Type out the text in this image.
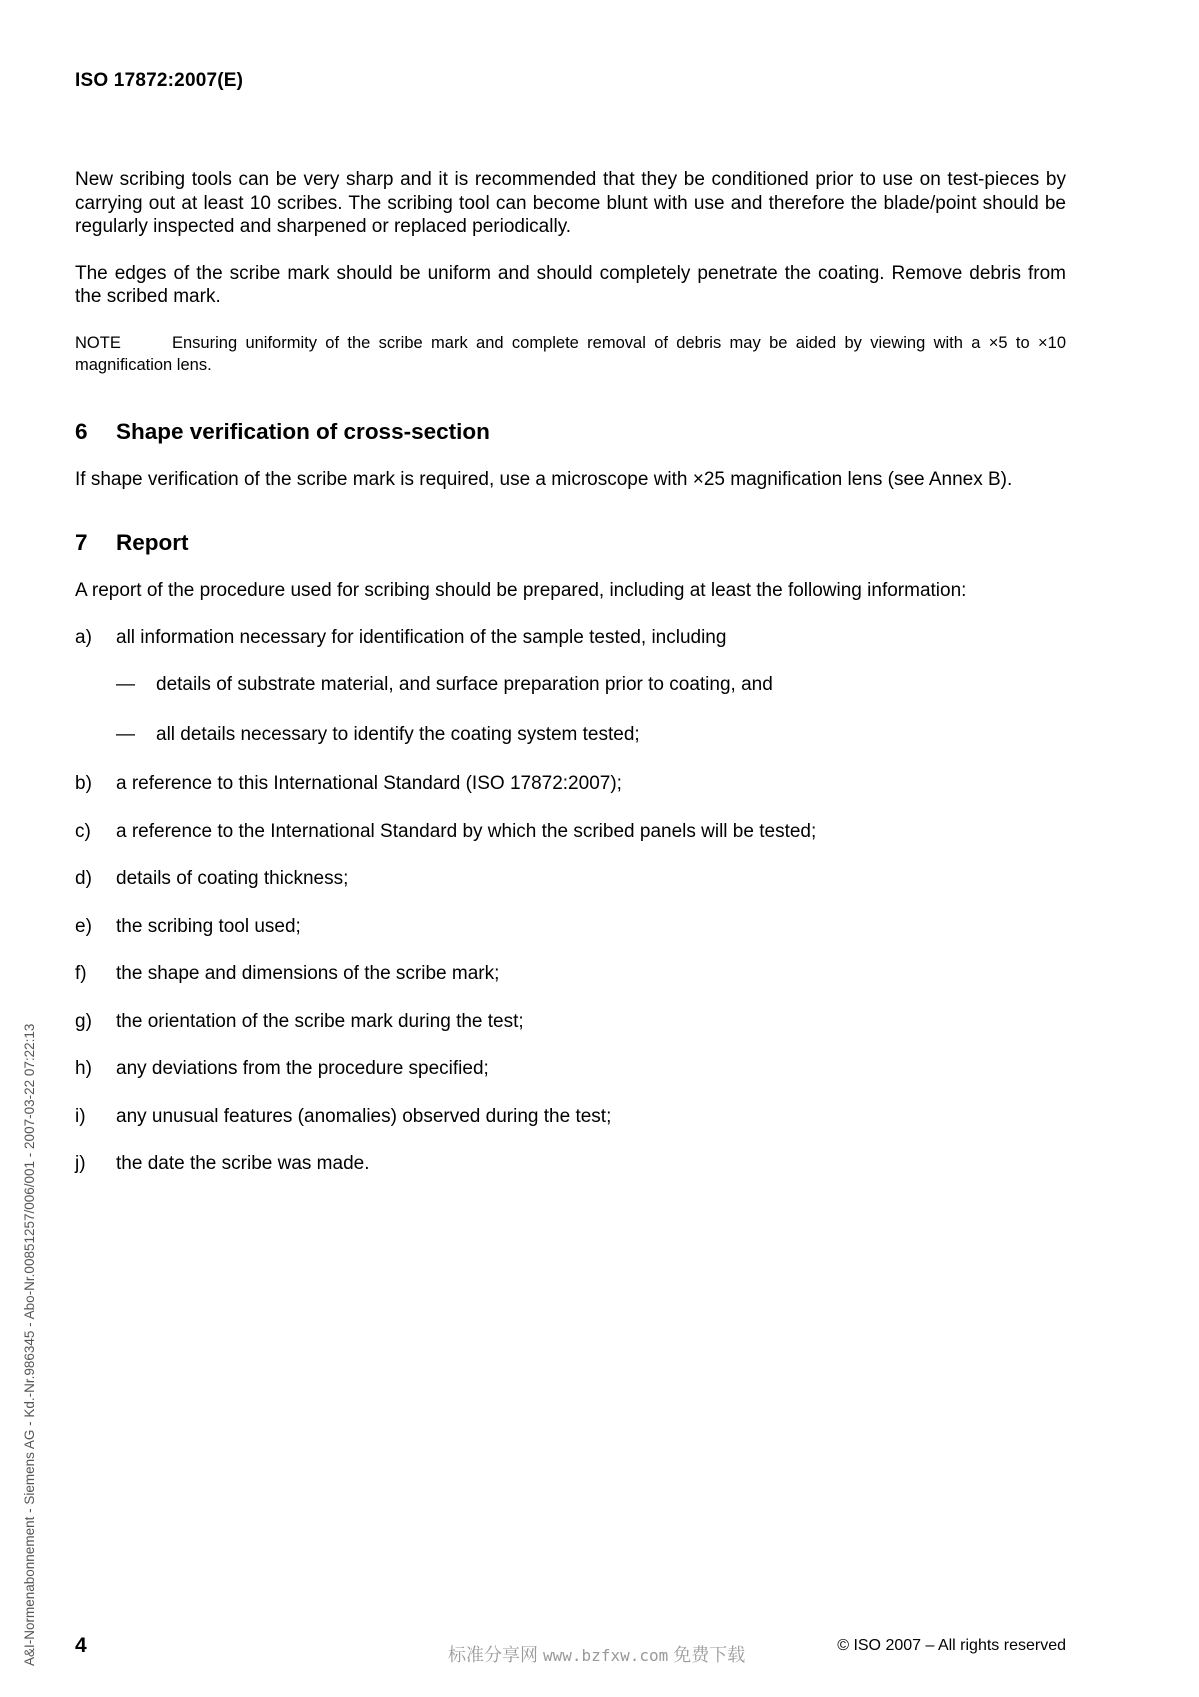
ISO 17872:2007(E)

New scribing tools can be very sharp and it is recommended that they be conditioned prior to use on test-pieces by carrying out at least 10 scribes. The scribing tool can become blunt with use and therefore the blade/point should be regularly inspected and sharpened or replaced periodically.

The edges of the scribe mark should be uniform and should completely penetrate the coating. Remove debris from the scribed mark.

NOTE	Ensuring uniformity of the scribe mark and complete removal of debris may be aided by viewing with a ×5 to ×10 magnification lens.

6	Shape verification of cross-section

If shape verification of the scribe mark is required, use a microscope with ×25 magnification lens (see Annex B).

7	Report

A report of the procedure used for scribing should be prepared, including at least the following information:

a)	all information necessary for identification of the sample tested, including
—	details of substrate material, and surface preparation prior to coating, and
—	all details necessary to identify the coating system tested;
b)	a reference to this International Standard (ISO 17872:2007);
c)	a reference to the International Standard by which the scribed panels will be tested;
d)	details of coating thickness;
e)	the scribing tool used;
f)	the shape and dimensions of the scribe mark;
g)	the orientation of the scribe mark during the test;
h)	any deviations from the procedure specified;
i)	any unusual features (anomalies) observed during the test;
j)	the date the scribe was made.
A&I-Normenabonnement - Siemens AG - Kd.-Nr.986345 - Abo-Nr.00851257/006/001 - 2007-03-22 07:22:13 4	标准分享网 www.bzfxw.com 免费下载	© ISO 2007 – All rights reserved
